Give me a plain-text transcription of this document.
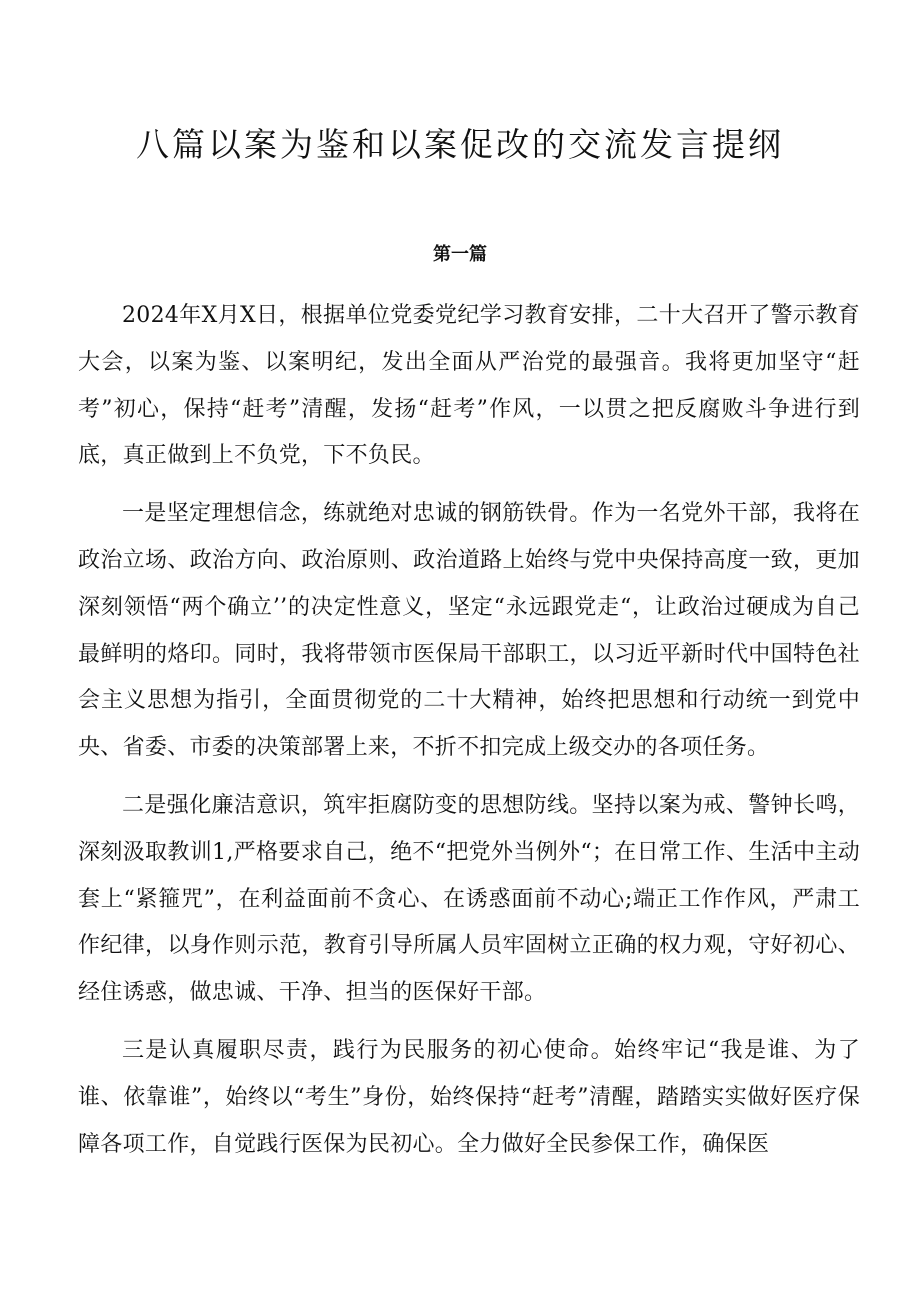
八篇以案为鉴和以案促改的交流发言提纲
第一篇

2024年X月X日，根据单位党委党纪学习教育安排，二十大召开了警示教育大会，以案为鉴、以案明纪，发出全面从严治党的最强音。我将更加坚守“赶考”初心，保持“赶考”清醒，发扬“赶考”作风，一以贯之把反腐败斗争进行到底，真正做到上不负党，下不负民。

一是坚定理想信念，练就绝对忠诚的钢筋铁骨。作为一名党外干部，我将在政治立场、政治方向、政治原则、政治道路上始终与党中央保持高度一致，更加深刻领悟“两个确立’’的决定性意义，坚定“永远跟党走“，让政治过硬成为自己最鲜明的烙印。同时，我将带领市医保局干部职工，以习近平新时代中国特色社会主义思想为指引，全面贯彻党的二十大精神，始终把思想和行动统一到党中央、省委、市委的决策部署上来，不折不扣完成上级交办的各项任务。

二是强化廉洁意识，筑牢拒腐防变的思想防线。坚持以案为戒、警钟长鸣，深刻汲取教训1,严格要求自己，绝不“把党外当例外“；在日常工作、生活中主动套上“紧箍咒”，在利益面前不贪心、在诱惑面前不动心;端正工作作风，严肃工作纪律，以身作则示范，教育引导所属人员牢固树立正确的权力观，守好初心、经住诱惑，做忠诚、干净、担当的医保好干部。

三是认真履职尽责，践行为民服务的初心使命。始终牢记“我是谁、为了谁、依靠谁”，始终以“考生”身份，始终保持“赶考”清醒，踏踏实实做好医疗保障各项工作，自觉践行医保为民初心。全力做好全民参保工作，确保医
